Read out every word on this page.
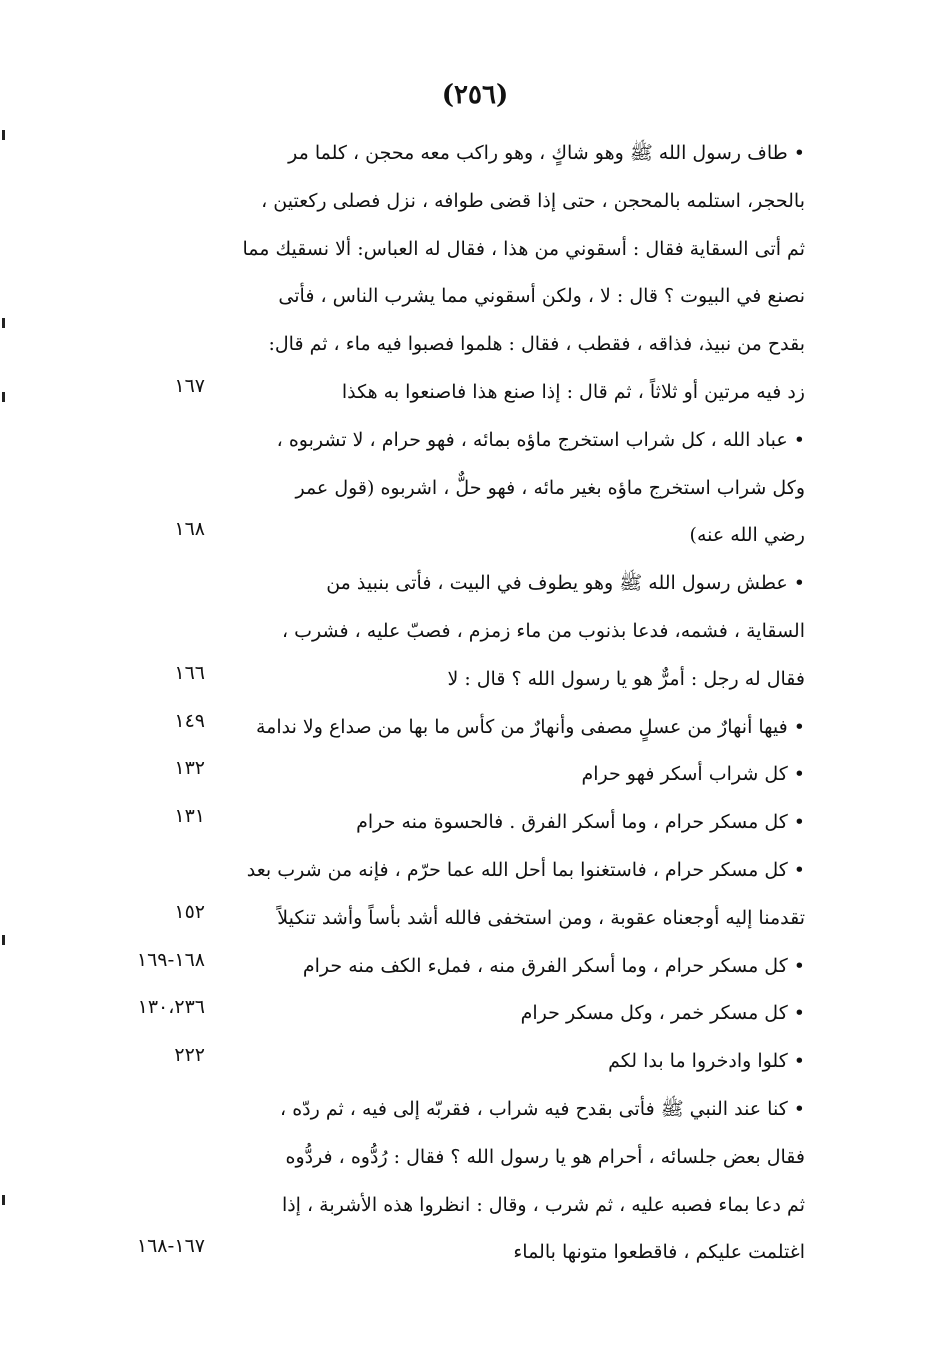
(٢٥٦)
• طاف رسول الله ﷺ وهو شاكٍ ، وهو راكب معه محجن ، كلما مر
بالحجر، استلمه بالمحجن ، حتى إذا قضى طوافه ، نزل فصلى ركعتين ،
ثم أتى السقاية فقال : أسقوني من هذا ، فقال له العباس: ألا نسقيك مما
نصنع في البيوت ؟ قال : لا ، ولكن أسقوني مما يشرب الناس ، فأتى
بقدح من نبيذ، فذاقه ، فقطب ، فقال : هلموا فصبوا فيه ماء ، ثم قال:
زد فيه مرتين أو ثلاثاً ، ثم قال : إذا صنع هذا فاصنعوا به هكذا
١٦٧
• عباد الله ، كل شراب استخرج ماؤه بمائه ، فهو حرام ، لا تشربوه ،
وكل شراب استخرج ماؤه بغير مائه ، فهو حلٌّ ، اشربوه (قول عمر
رضي الله عنه)
١٦٨
• عطش رسول الله ﷺ وهو يطوف في البيت ، فأتى بنبيذ من
السقاية ، فشمه، فدعا بذنوب من ماء زمزم ، فصبّ عليه ، فشرب ،
فقال له رجل : أمرٌّ هو يا رسول الله ؟ قال : لا
١٦٦
• فيها أنهارٌ من عسلٍ مصفى وأنهارٌ من كأس ما بها من صداع ولا ندامة
١٤٩
• كل شراب أسكر فهو حرام
١٣٢
• كل مسكر حرام ، وما أسكر الفرق . فالحسوة منه حرام
١٣١
• كل مسكر حرام ، فاستغنوا بما أحل الله عما حرّم ، فإنه من شرب بعد
تقدمنا إليه أوجعناه عقوبة ، ومن استخفى فالله أشد بأساً وأشد تنكيلاً
١٥٢
• كل مسكر حرام ، وما أسكر الفرق منه ، فملء الكف منه حرام
١٦٨-١٦٩
• كل مسكر خمر ، وكل مسكر حرام
١٣٠،٢٣٦
• كلوا وادخروا ما بدا لكم
٢٢٢
• كنا عند النبي ﷺ فأتى بقدح فيه شراب ، فقربّه إلى فيه ، ثم ردّه ،
فقال بعض جلسائه ، أحرام هو يا رسول الله ؟ فقال : رُدُّوه ، فردُّوه
ثم دعا بماء فصبه عليه ، ثم شرب ، وقال : انظروا هذه الأشربة ، إذا
اغتلمت عليكم ، فاقطعوا متونها بالماء
١٦٧-١٦٨
